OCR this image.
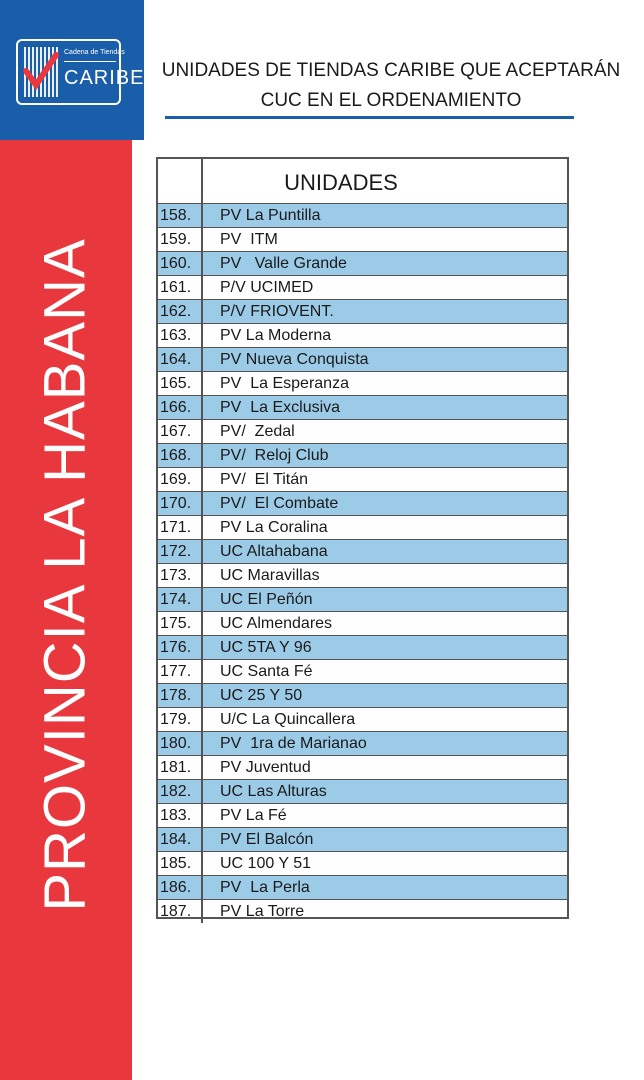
Cadena de Tiendas
CARIBE
PROVINCIA LA HABANA
UNIDADES DE TIENDAS CARIBE QUE ACEPTARÁN
CUC EN EL ORDENAMIENTO
UNIDADES
158.	PV La Puntilla
159.	PV  ITM
160.	PV   Valle Grande
161.	P/V UCIMED
162.	P/V FRIOVENT.
163.	PV La Moderna
164.	PV Nueva Conquista
165.	PV  La Esperanza
166.	PV  La Exclusiva
167.	PV/  Zedal
168.	PV/  Reloj Club
169.	PV/  El Titán
170.	PV/  El Combate
171.	PV La Coralina
172.	UC Altahabana
173.	UC Maravillas
174.	UC El Peñón
175.	UC Almendares
176.	UC 5TA Y 96
177.	UC Santa Fé
178.	UC 25 Y 50
179.	U/C La Quincallera
180.	PV  1ra de Marianao
181.	PV Juventud
182.	UC Las Alturas
183.	PV La Fé
184.	PV El Balcón
185.	UC 100 Y 51
186.	PV  La Perla
187.	PV La Torre
